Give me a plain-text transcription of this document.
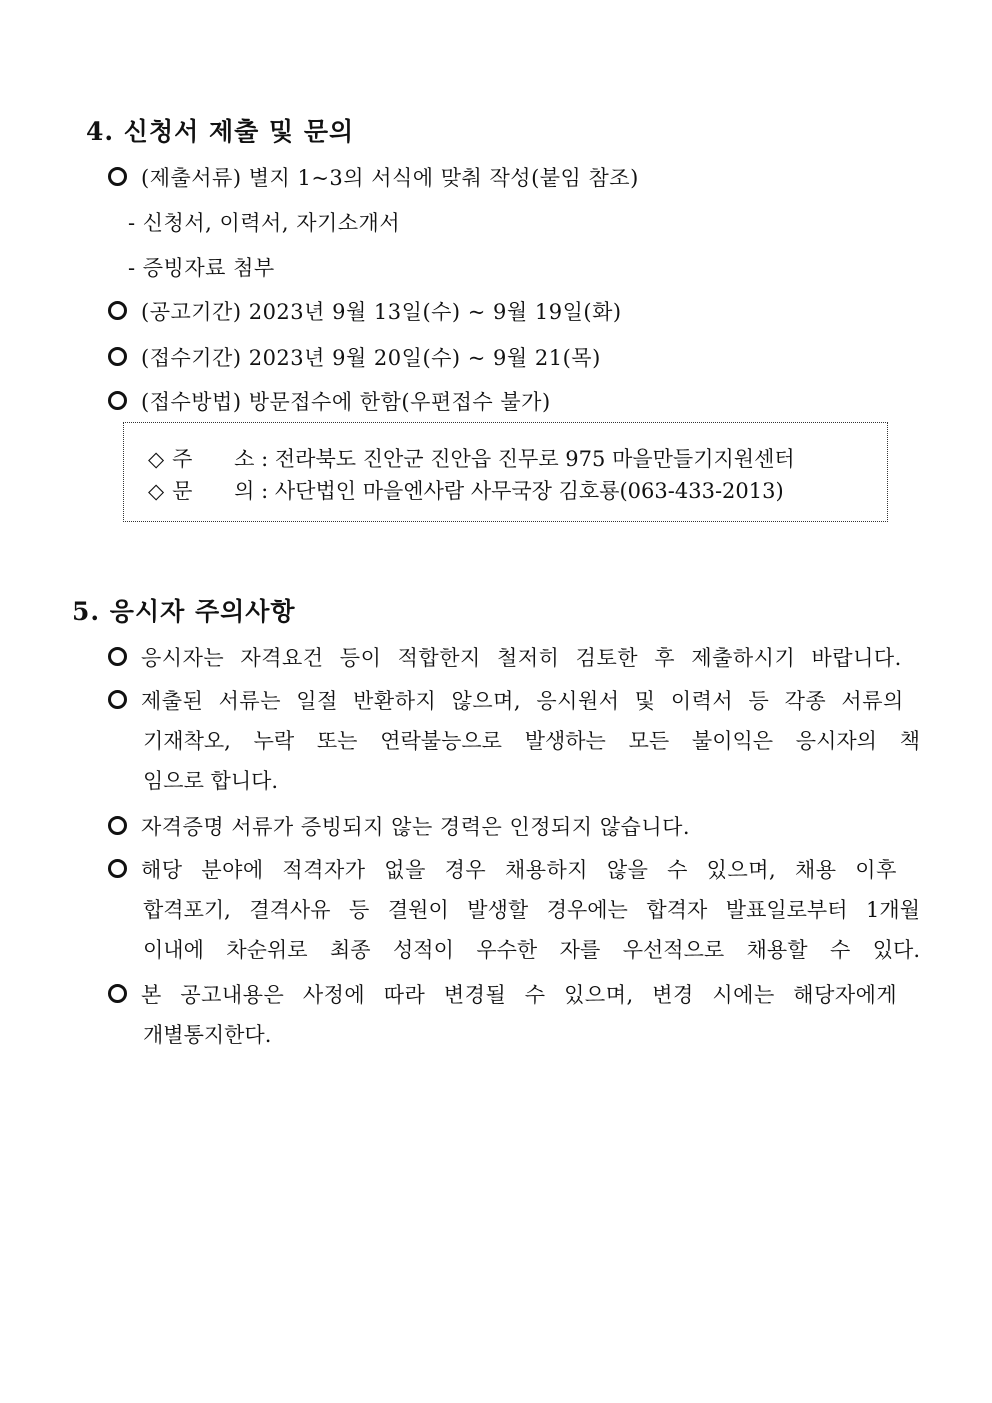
4. 신청서 제출 및 문의
(제출서류) 별지 1~3의 서식에 맞춰 작성(붙임 참조)
- 신청서, 이력서, 자기소개서
- 증빙자료 첨부
(공고기간) 2023년 9월 13일(수) ~ 9월 19일(화)
(접수기간) 2023년 9월 20일(수) ~ 9월 21(목)
(접수방법) 방문접수에 한함(우편접수 불가)
◇ 주 소 : 전라북도 진안군 진안읍 진무로 975 마을만들기지원센터
◇ 문 의 : 사단법인 마을엔사람 사무국장 김호룡(063-433-2013)
5. 응시자 주의사항
응시자는 자격요건 등이 적합한지 철저히 검토한 후 제출하시기 바랍니다.
제출된 서류는 일절 반환하지 않으며, 응시원서 및 이력서 등 각종 서류의
기재착오, 누락 또는 연락불능으로 발생하는 모든 불이익은 응시자의 책
임으로 합니다.
자격증명 서류가 증빙되지 않는 경력은 인정되지 않습니다.
해당 분야에 적격자가 없을 경우 채용하지 않을 수 있으며, 채용 이후
합격포기, 결격사유 등 결원이 발생할 경우에는 합격자 발표일로부터 1개월
이내에 차순위로 최종 성적이 우수한 자를 우선적으로 채용할 수 있다.
본 공고내용은 사정에 따라 변경될 수 있으며, 변경 시에는 해당자에게
개별통지한다.
